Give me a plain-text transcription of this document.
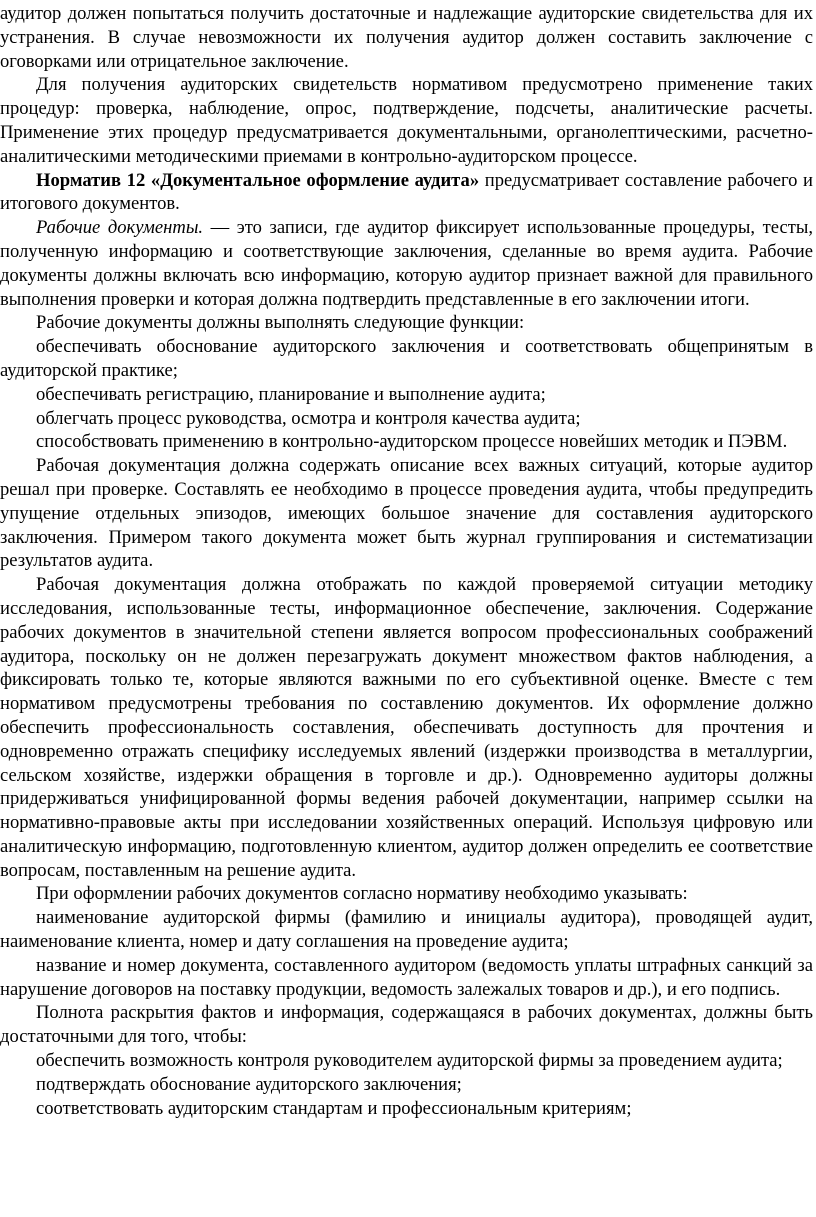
аудитор должен попытаться получить достаточные и надлежащие аудиторские свидетельства для их устранения. В случае невозможности их получения аудитор должен составить заключение с оговорками или отрицательное заключение.

Для получения аудиторских свидетельств нормативом предусмотрено применение таких процедур: проверка, наблюдение, опрос, подтверждение, подсчеты, аналитические расчеты. Применение этих процедур предусматривается документальными, органолептическими, расчетно-аналитическими методическими приемами в контрольно-аудиторском процессе.

Норматив 12 «Документальное оформление аудита» предусматривает составление рабочего и итогового документов.

Рабочие документы. — это записи, где аудитор фиксирует использованные процедуры, тесты, полученную информацию и соответствующие заключения, сделанные во время аудита. Рабочие документы должны включать всю информацию, которую аудитор признает важной для правильного выполнения проверки и которая должна подтвердить представленные в его заключении итоги.

Рабочие документы должны выполнять следующие функции:

обеспечивать обоснование аудиторского заключения и соответствовать общепринятым в аудиторской практике;

обеспечивать регистрацию, планирование и выполнение аудита;

облегчать процесс руководства, осмотра и контроля качества аудита;

способствовать применению в контрольно-аудиторском процессе новейших методик и ПЭВМ.

Рабочая документация должна содержать описание всех важных ситуаций, которые аудитор решал при проверке. Составлять ее необходимо в процессе проведения аудита, чтобы предупредить упущение отдельных эпизодов, имеющих большое значение для составления аудиторского заключения. Примером такого документа может быть журнал группирования и систематизации результатов аудита.

Рабочая документация должна отображать по каждой проверяемой ситуации методику исследования, использованные тесты, информационное обеспечение, заключения. Содержание рабочих документов в значительной степени является вопросом профессиональных соображений аудитора, поскольку он не должен перезагружать документ множеством фактов наблюдения, а фиксировать только те, которые являются важными по его субъективной оценке. Вместе с тем нормативом предусмотрены требования по составлению документов. Их оформление должно обеспечить профессиональность составления, обеспечивать доступность для прочтения и одновременно отражать специфику исследуемых явлений (издержки производства в металлургии, сельском хозяйстве, издержки обращения в торговле и др.). Одновременно аудиторы должны придерживаться унифицированной формы ведения рабочей документации, например ссылки на нормативно-правовые акты при исследовании хозяйственных операций. Используя цифровую или аналитическую информацию, подготовленную клиентом, аудитор должен определить ее соответствие вопросам, поставленным на решение аудита.

При оформлении рабочих документов согласно нормативу необходимо указывать:

наименование аудиторской фирмы (фамилию и инициалы аудитора), проводящей аудит, наименование клиента, номер и дату соглашения на проведение аудита;

название и номер документа, составленного аудитором (ведомость уплаты штрафных санкций за нарушение договоров на поставку продукции, ведомость залежалых товаров и др.), и его подпись.

Полнота раскрытия фактов и информация, содержащаяся в рабочих документах, должны быть достаточными для того, чтобы:

обеспечить возможность контроля руководителем аудиторской фирмы за проведением аудита;

подтверждать обоснование аудиторского заключения;

соответствовать аудиторским стандартам и профессиональным критериям;
